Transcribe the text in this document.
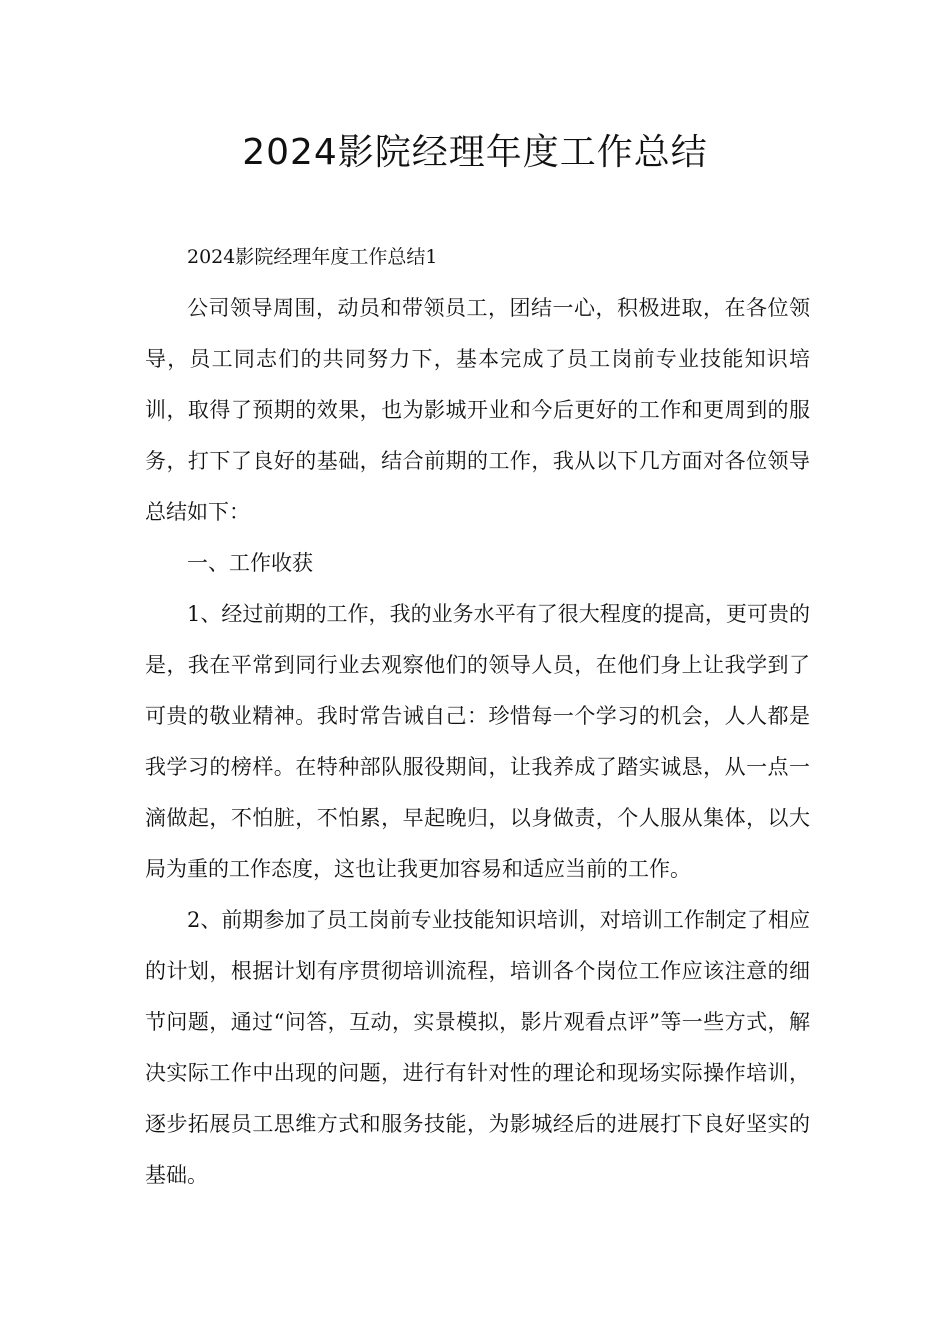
2024影院经理年度工作总结

2024影院经理年度工作总结1

公司领导周围，动员和带领员工，团结一心，积极进取，在各位领导，员工同志们的共同努力下，基本完成了员工岗前专业技能知识培训，取得了预期的效果，也为影城开业和今后更好的工作和更周到的服务，打下了良好的基础，结合前期的工作，我从以下几方面对各位领导总结如下：

一、工作收获

1、经过前期的工作，我的业务水平有了很大程度的提高，更可贵的是，我在平常到同行业去观察他们的领导人员，在他们身上让我学到了可贵的敬业精神。我时常告诫自己：珍惜每一个学习的机会，人人都是我学习的榜样。在特种部队服役期间，让我养成了踏实诚恳，从一点一滴做起，不怕脏，不怕累，早起晚归，以身做责，个人服从集体，以大局为重的工作态度，这也让我更加容易和适应当前的工作。

2、前期参加了员工岗前专业技能知识培训，对培训工作制定了相应的计划，根据计划有序贯彻培训流程，培训各个岗位工作应该注意的细节问题，通过“问答，互动，实景模拟，影片观看点评”等一些方式，解决实际工作中出现的问题，进行有针对性的理论和现场实际操作培训，逐步拓展员工思维方式和服务技能，为影城经后的进展打下良好坚实的基础。
